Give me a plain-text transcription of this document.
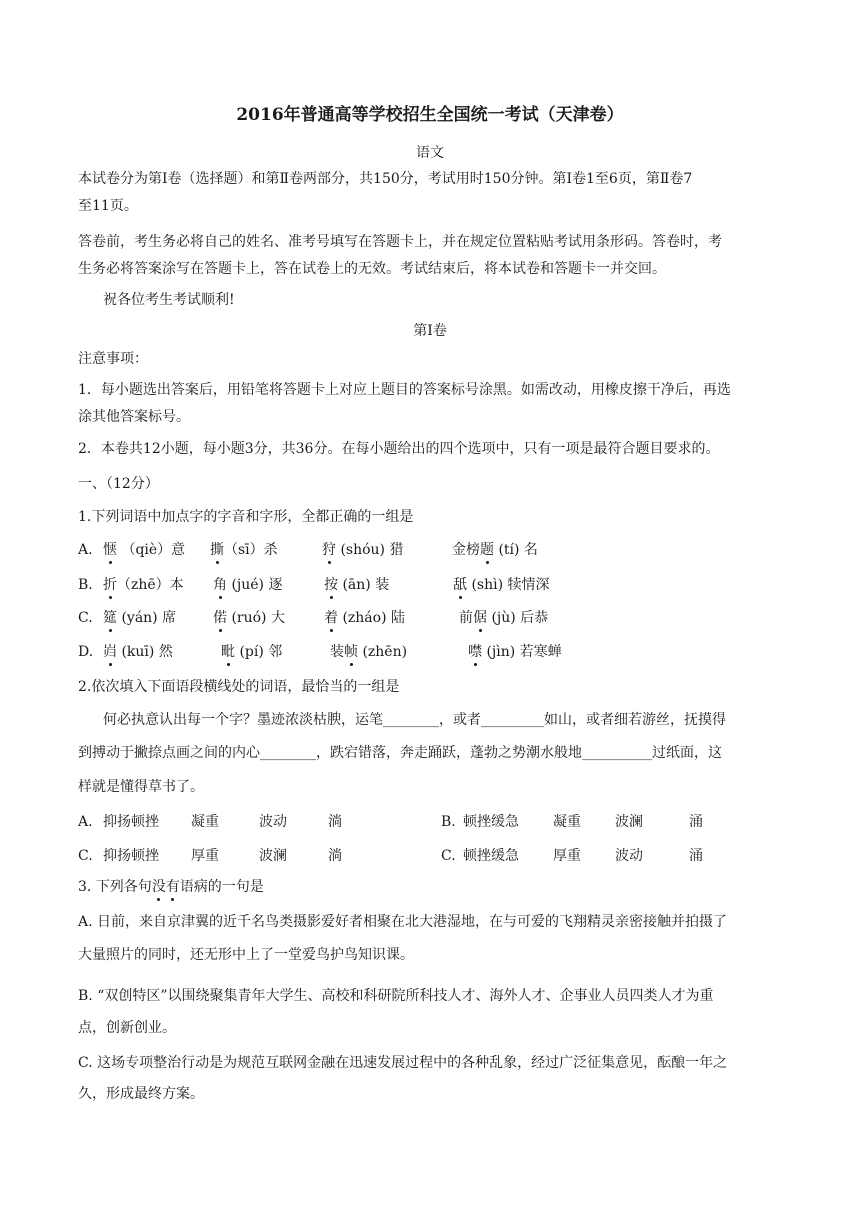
2016年普通高等学校招生全国统一考试（天津卷）
语文
本试卷分为第Ⅰ卷（选择题）和第Ⅱ卷两部分，共150分，考试用时150分钟。第Ⅰ卷1至6页，第Ⅱ卷7
至11页。
答卷前，考生务必将自己的姓名、准考号填写在答题卡上，并在规定位置粘贴考试用条形码。答卷时，考
生务必将答案涂写在答题卡上，答在试卷上的无效。考试结束后，将本试卷和答题卡一并交回。
祝各位考生考试顺利!
第Ⅰ卷
注意事项：
1．每小题选出答案后，用铅笔将答题卡上对应上题目的答案标号涂黑。如需改动，用橡皮擦干净后，再选
涂其他答案标号。
2．本卷共12小题，每小题3分，共36分。在每小题给出的四个选项中，只有一项是最符合题目要求的。
一、（12分）
1.下列词语中加点字的字音和字形，全都正确的一组是
A. 惬 （qiè）意 撕（sī）杀	狩 (shóu) 猎	金榜题 (tí) 名
B. 折（zhē）本 角 (jué) 逐	按 (ān) 装	舐 (shì) 犊情深
C. 筵 (yán) 席	偌 (ruó) 大	着 (zháo) 陆	前倨 (jù) 后恭
D. 岿 (kuī) 然	毗 (pí) 邻	装帧 (zhēn)	噤 (jìn) 若寒蝉
2.依次填入下面语段横线处的词语，最恰当的一组是
何必执意认出每一个字？墨迹浓淡枯腴，运笔________，或者_________如山，或者细若游丝，抚摸得
到搏动于撇捺点画之间的内心________，跌宕错落，奔走踊跃，蓬勃之势潮水般地__________过纸面，这
样就是懂得草书了。
A. 抑扬顿挫 凝重	波动	淌	B. 顿挫缓急 凝重 波澜	涌
C. 抑扬顿挫 厚重	波澜	淌	C. 顿挫缓急 厚重 波动	涌
3. 下列各句没有语病的一句是
A. 日前，来自京津翼的近千名鸟类摄影爱好者相聚在北大港湿地，在与可爱的飞翔精灵亲密接触并拍摄了
大量照片的同时，还无形中上了一堂爱鸟护鸟知识课。
B. “双创特区”以围绕聚集青年大学生、高校和科研院所科技人才、海外人才、企事业人员四类人才为重
点，创新创业。
C. 这场专项整治行动是为规范互联网金融在迅速发展过程中的各种乱象，经过广泛征集意见，酝酿一年之
久，形成最终方案。
